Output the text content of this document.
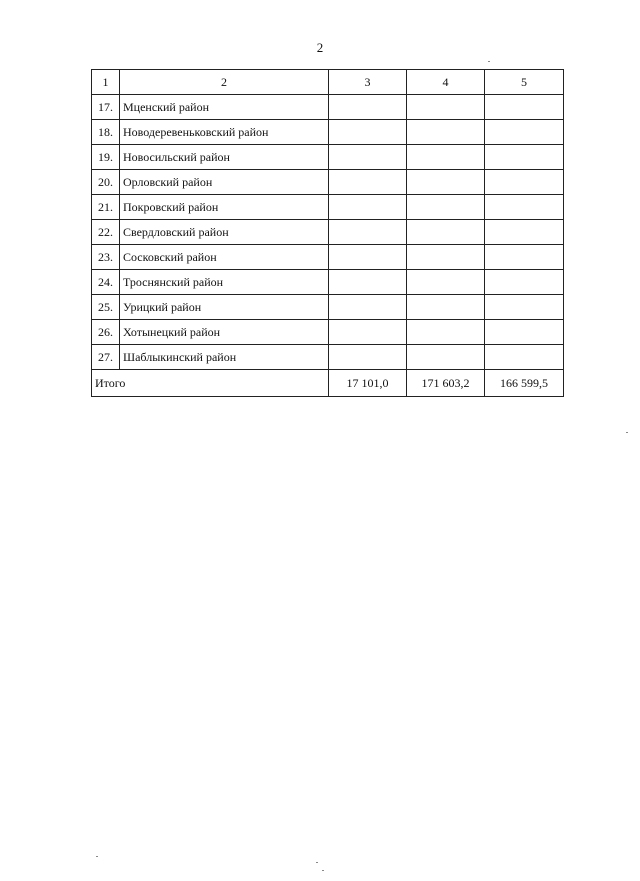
2
1	2	3	4	5
17.	Мценский район			
18.	Новодеревеньковский район			
19.	Новосильский район			
20.	Орловский район			
21.	Покровский район			
22.	Свердловский район			
23.	Сосковский район			
24.	Троснянский район			
25.	Урицкий район			
26.	Хотынецкий район			
27.	Шаблыкинский район			
Итого		17 101,0	171 603,2	166 599,5
